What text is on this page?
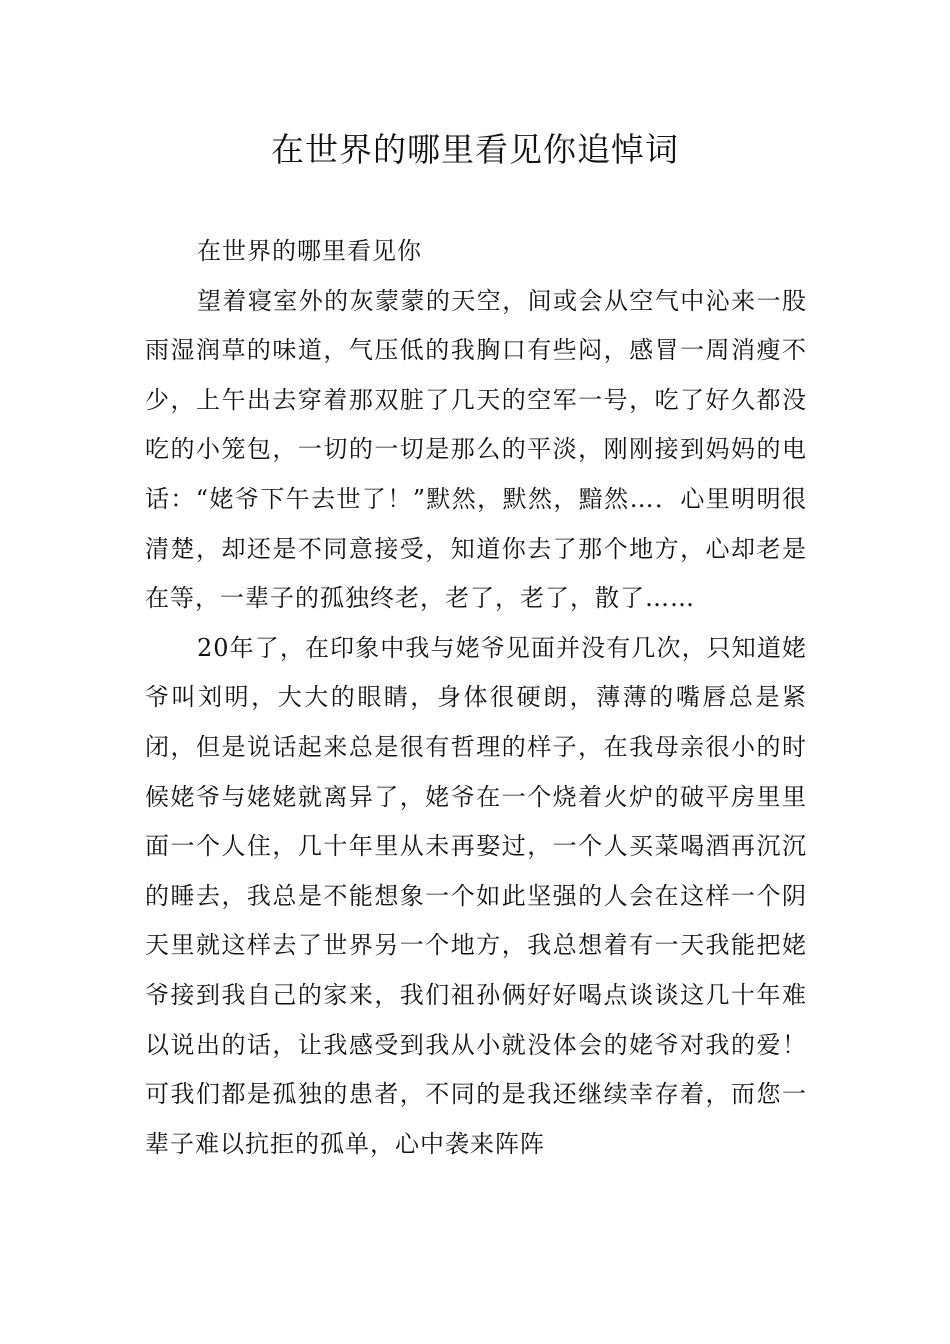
在世界的哪里看见你追悼词

在世界的哪里看见你

望着寝室外的灰蒙蒙的天空，间或会从空气中沁来一股雨湿润草的味道，气压低的我胸口有些闷，感冒一周消瘦不少，上午出去穿着那双脏了几天的空军一号，吃了好久都没吃的小笼包，一切的一切是那么的平淡，刚刚接到妈妈的电话：“姥爷下午去世了！”默然，默然，黯然…．心里明明很清楚，却还是不同意接受，知道你去了那个地方，心却老是在等，一辈子的孤独终老，老了，老了，散了……

20年了，在印象中我与姥爷见面并没有几次，只知道姥爷叫刘明，大大的眼睛，身体很硬朗，薄薄的嘴唇总是紧闭，但是说话起来总是很有哲理的样子，在我母亲很小的时候姥爷与姥姥就离异了，姥爷在一个烧着火炉的破平房里里面一个人住，几十年里从未再娶过，一个人买菜喝酒再沉沉的睡去，我总是不能想象一个如此坚强的人会在这样一个阴天里就这样去了世界另一个地方，我总想着有一天我能把姥爷接到我自己的家来，我们祖孙俩好好喝点谈谈这几十年难以说出的话，让我感受到我从小就没体会的姥爷对我的爱！可我们都是孤独的患者，不同的是我还继续幸存着，而您一辈子难以抗拒的孤单，心中袭来阵阵
